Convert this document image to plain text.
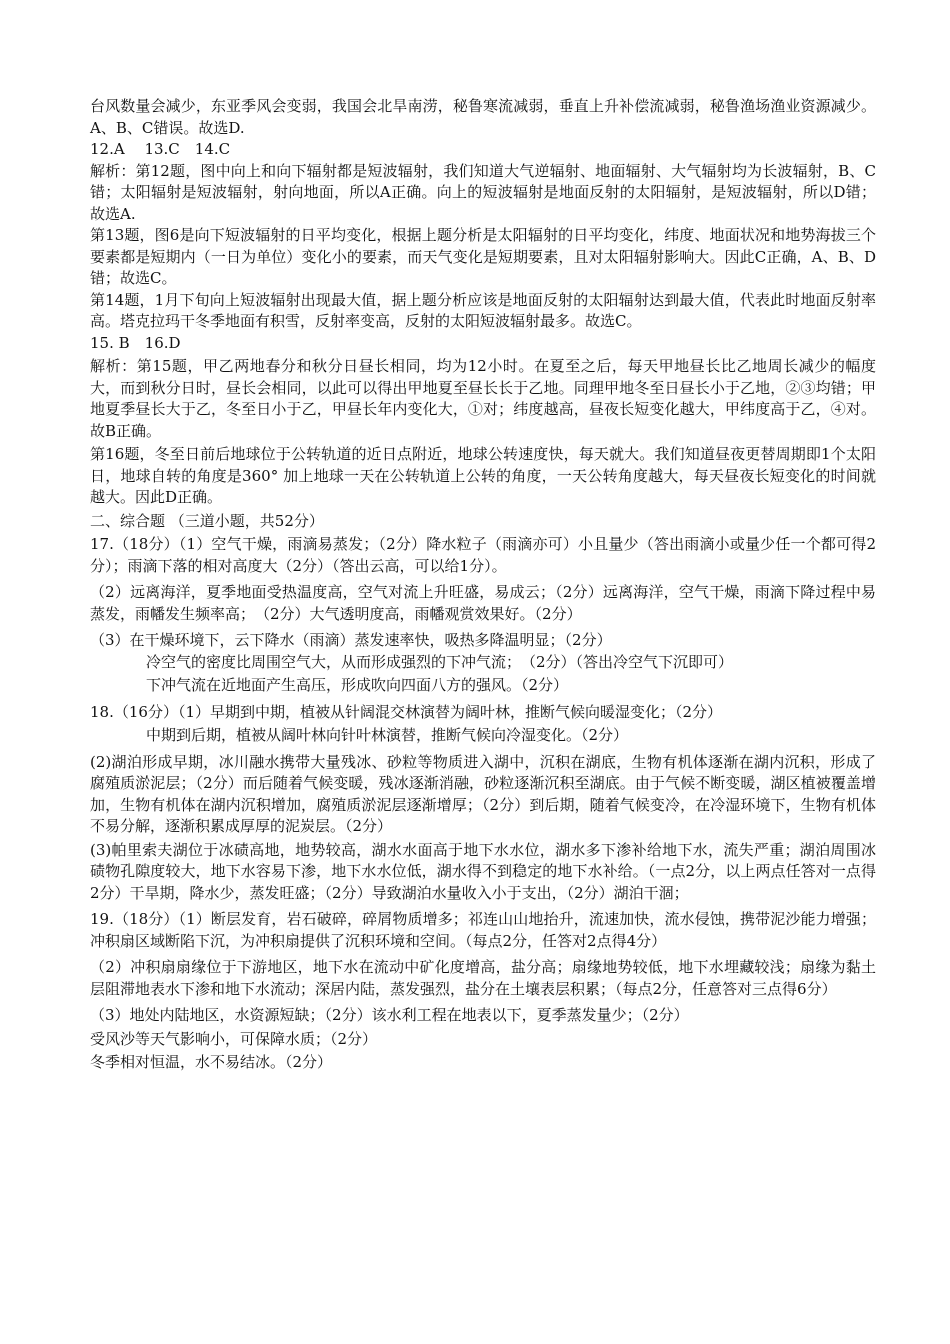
台风数量会减少，东亚季风会变弱，我国会北旱南涝，秘鲁寒流减弱，垂直上升补偿流减弱，秘鲁渔场渔业资源减少。A、B、C错误。故选D.

12.A　 13.C　14.C

解析：第12题，图中向上和向下辐射都是短波辐射，我们知道大气逆辐射、地面辐射、大气辐射均为长波辐射，B、C错；太阳辐射是短波辐射，射向地面，所以A正确。向上的短波辐射是地面反射的太阳辐射，是短波辐射，所以D错；故选A.

第13题，图6是向下短波辐射的日平均变化，根据上题分析是太阳辐射的日平均变化，纬度、地面状况和地势海拔三个要素都是短期内（一日为单位）变化小的要素，而天气变化是短期要素，且对太阳辐射影响大。因此C正确，A、B、D错；故选C。

第14题，1月下旬向上短波辐射出现最大值，据上题分析应该是地面反射的太阳辐射达到最大值，代表此时地面反射率高。塔克拉玛干冬季地面有积雪，反射率变高，反射的太阳短波辐射最多。故选C。

15. B　16.D

解析：第15题，甲乙两地春分和秋分日昼长相同，均为12小时。在夏至之后，每天甲地昼长比乙地周长减少的幅度大，而到秋分日时，昼长会相同，以此可以得出甲地夏至昼长长于乙地。同理甲地冬至日昼长小于乙地，②③均错；甲地夏季昼长大于乙，冬至日小于乙，甲昼长年内变化大，①对；纬度越高，昼夜长短变化越大，甲纬度高于乙，④对。故B正确。

第16题，冬至日前后地球位于公转轨道的近日点附近，地球公转速度快，每天就大。我们知道昼夜更替周期即1个太阳日，地球自转的角度是360° 加上地球一天在公转轨道上公转的角度，一天公转角度越大，每天昼夜长短变化的时间就越大。因此D正确。

二、综合题 （三道小题，共52分）

17.（18分）（1）空气干燥，雨滴易蒸发；（2分）降水粒子（雨滴亦可）小且量少（答出雨滴小或量少任一个都可得2分）；雨滴下落的相对高度大（2分）（答出云高，可以给1分）。

（2）远离海洋，夏季地面受热温度高，空气对流上升旺盛，易成云；（2分）远离海洋，空气干燥，雨滴下降过程中易蒸发，雨幡发生频率高；　（2分）大气透明度高，雨幡观赏效果好。（2分）

（3）在干燥环境下，云下降水（雨滴）蒸发速率快，吸热多降温明显；（2分）

冷空气的密度比周围空气大，从而形成强烈的下冲气流；　（2分）（答出冷空气下沉即可）

下冲气流在近地面产生高压，形成吹向四面八方的强风。（2分）

18.（16分）（1）早期到中期，植被从针阔混交林演替为阔叶林，推断气候向暖湿变化；（2分）

中期到后期，植被从阔叶林向针叶林演替，推断气候向冷湿变化。（2分）

(2)湖泊形成早期，冰川融水携带大量残冰、砂粒等物质进入湖中，沉积在湖底，生物有机体逐渐在湖内沉积，形成了腐殖质淤泥层；（2分）而后随着气候变暖，残冰逐渐消融，砂粒逐渐沉积至湖底。由于气候不断变暖，湖区植被覆盖增加，生物有机体在湖内沉积增加，腐殖质淤泥层逐渐增厚；（2分）到后期，随着气候变冷，在冷湿环境下，生物有机体不易分解，逐渐积累成厚厚的泥炭层。（2分）

(3)帕里索夫湖位于冰碛高地，地势较高，湖水水面高于地下水水位，湖水多下渗补给地下水，流失严重；湖泊周围冰碛物孔隙度较大，地下水容易下渗，地下水水位低，湖水得不到稳定的地下水补给。（一点2分，以上两点任答对一点得2分）干旱期，降水少，蒸发旺盛；（2分）导致湖泊水量收入小于支出，（2分）湖泊干涸；

19.（18分）（1）断层发育，岩石破碎，碎屑物质增多；祁连山山地抬升，流速加快，流水侵蚀，携带泥沙能力增强；冲积扇区域断陷下沉，为冲积扇提供了沉积环境和空间。（每点2分，任答对2点得4分）

（2）冲积扇扇缘位于下游地区，地下水在流动中矿化度增高，盐分高；扇缘地势较低，地下水埋藏较浅；扇缘为黏土层阻滞地表水下渗和地下水流动；深居内陆，蒸发强烈，盐分在土壤表层积累；（每点2分，任意答对三点得6分）

（3）地处内陆地区，水资源短缺；（2分）该水利工程在地表以下，夏季蒸发量少；（2分）

受风沙等天气影响小，可保障水质；（2分）

冬季相对恒温，水不易结冰。（2分）
